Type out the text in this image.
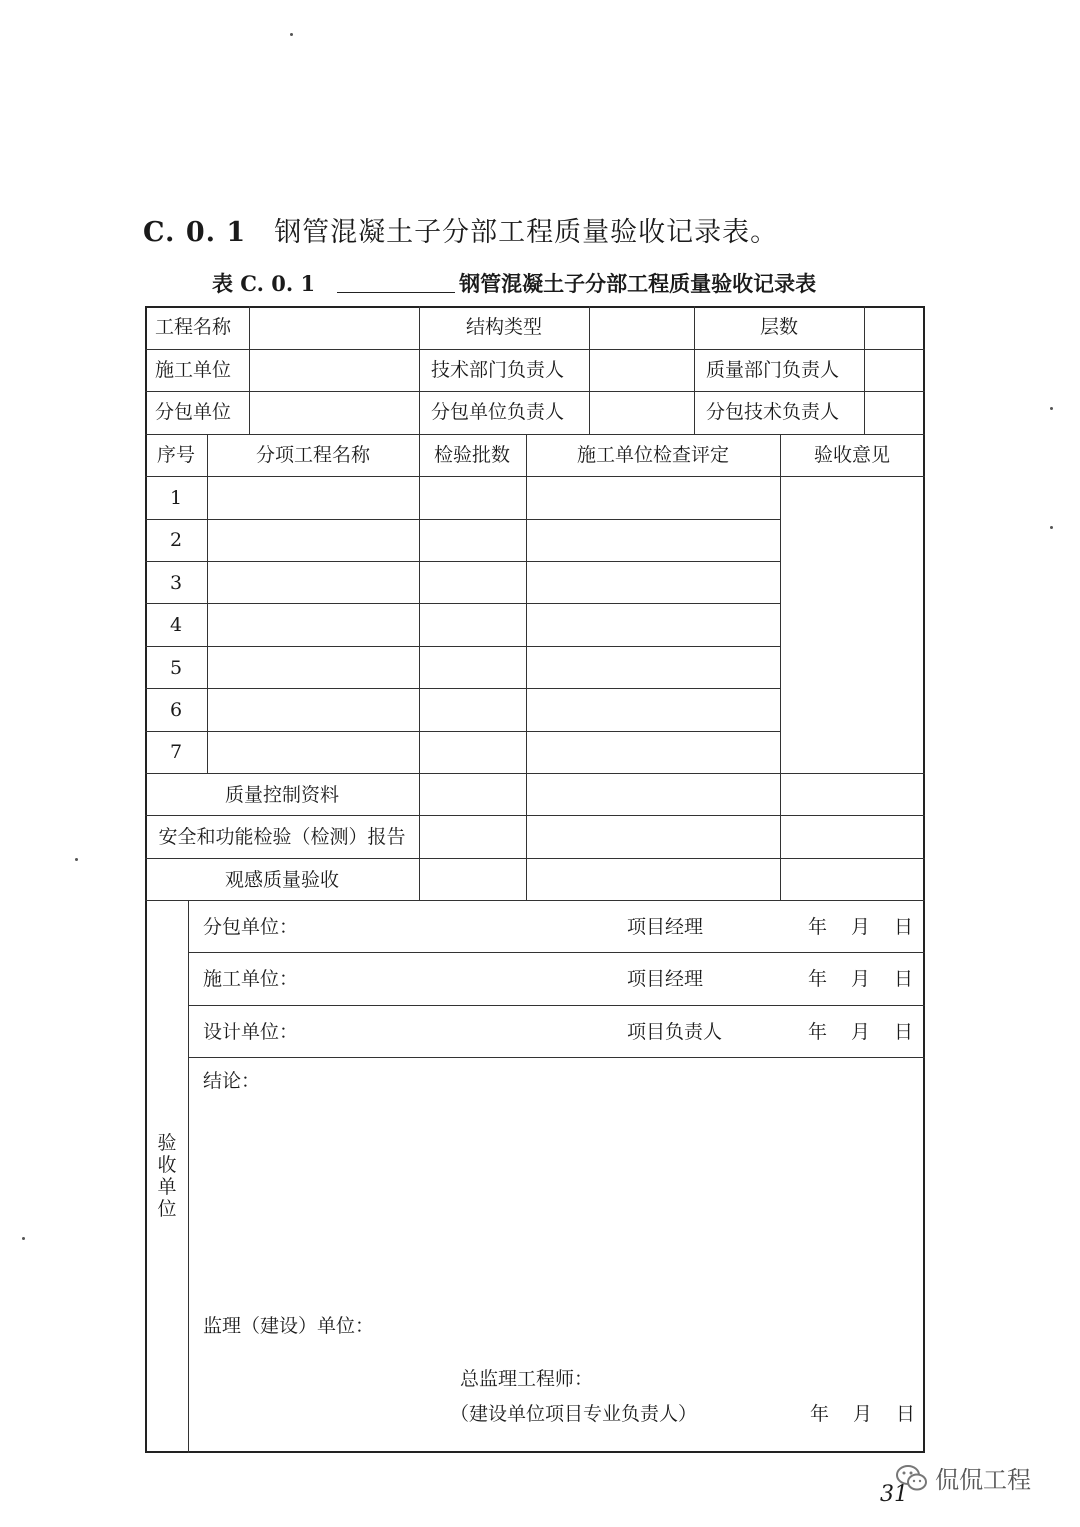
C. 0. 1 钢管混凝土子分部工程质量验收记录表。
表 C. 0. 1	钢管混凝土子分部工程质量验收记录表
工程名称	结构类型	层数
施工单位	技术部门负责人	质量部门负责人
分包单位	分包单位负责人	分包技术负责人
序号	分项工程名称	检验批数	施工单位检查评定	验收意见
1
2
3
4
5
6
7
质量控制资料
安全和功能检验（检测）报告
观感质量验收
验收单位
分包单位：	项目经理	年 月 日
施工单位：	项目经理	年 月 日
设计单位：	项目负责人	年 月 日
结论：
监理（建设）单位：
总监理工程师：
（建设单位项目专业负责人）	年 月 日
31
侃侃工程
